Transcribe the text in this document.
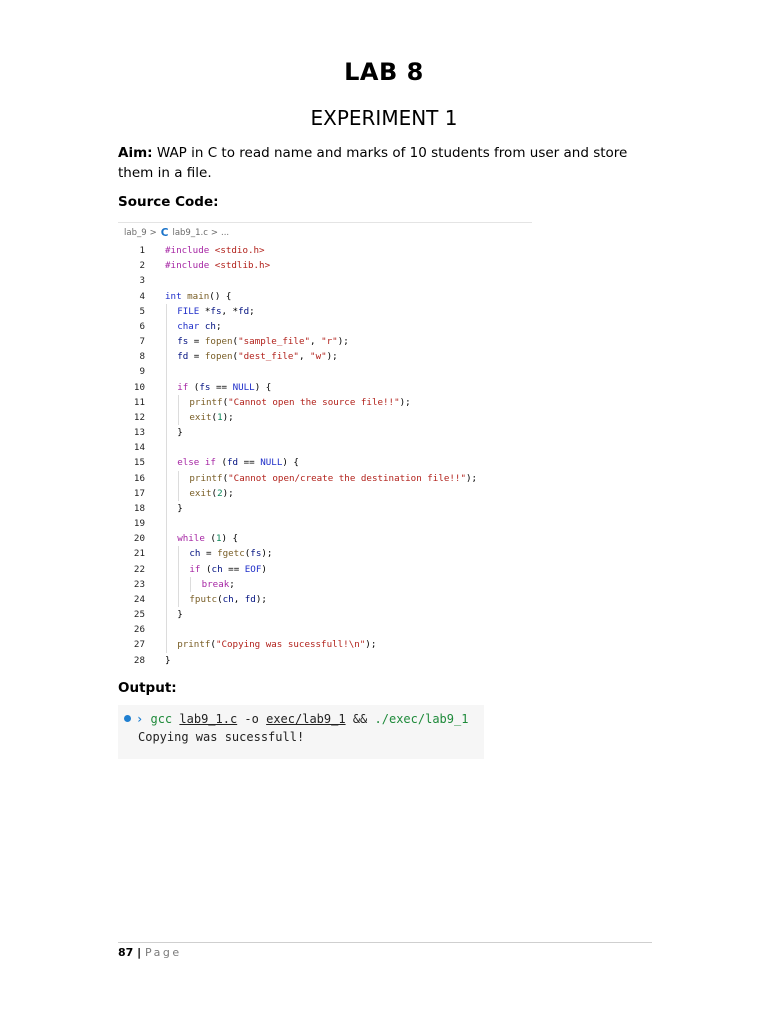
LAB 8
EXPERIMENT 1
Aim: WAP in C to read name and marks of 10 students from user and store them in a file.
Source Code:
lab_9 > C lab9_1.c > ...
1 #include <stdio.h>
2 #include <stdlib.h>
3
4 int main() {
5	FILE *fs, *fd;
6	char ch;
7	fs = fopen("sample_file", "r");
8	fd = fopen("dest_file", "w");
9
10	if (fs == NULL) {
11	printf("Cannot open the source file!!");
12	exit(1);
13	}
14
15	else if (fd == NULL) {
16	printf("Cannot open/create the destination file!!");
17	exit(2);
18	}
19
20	while (1) {
21	ch = fgetc(fs);
22	if (ch == EOF)
23	break;
24	fputc(ch, fd);
25	}
26
27	printf("Copying was sucessfull!\n");
28 }
Output:
› gcc lab9_1.c -o exec/lab9_1 && ./exec/lab9_1
Copying was sucessfull!
87 | Page
